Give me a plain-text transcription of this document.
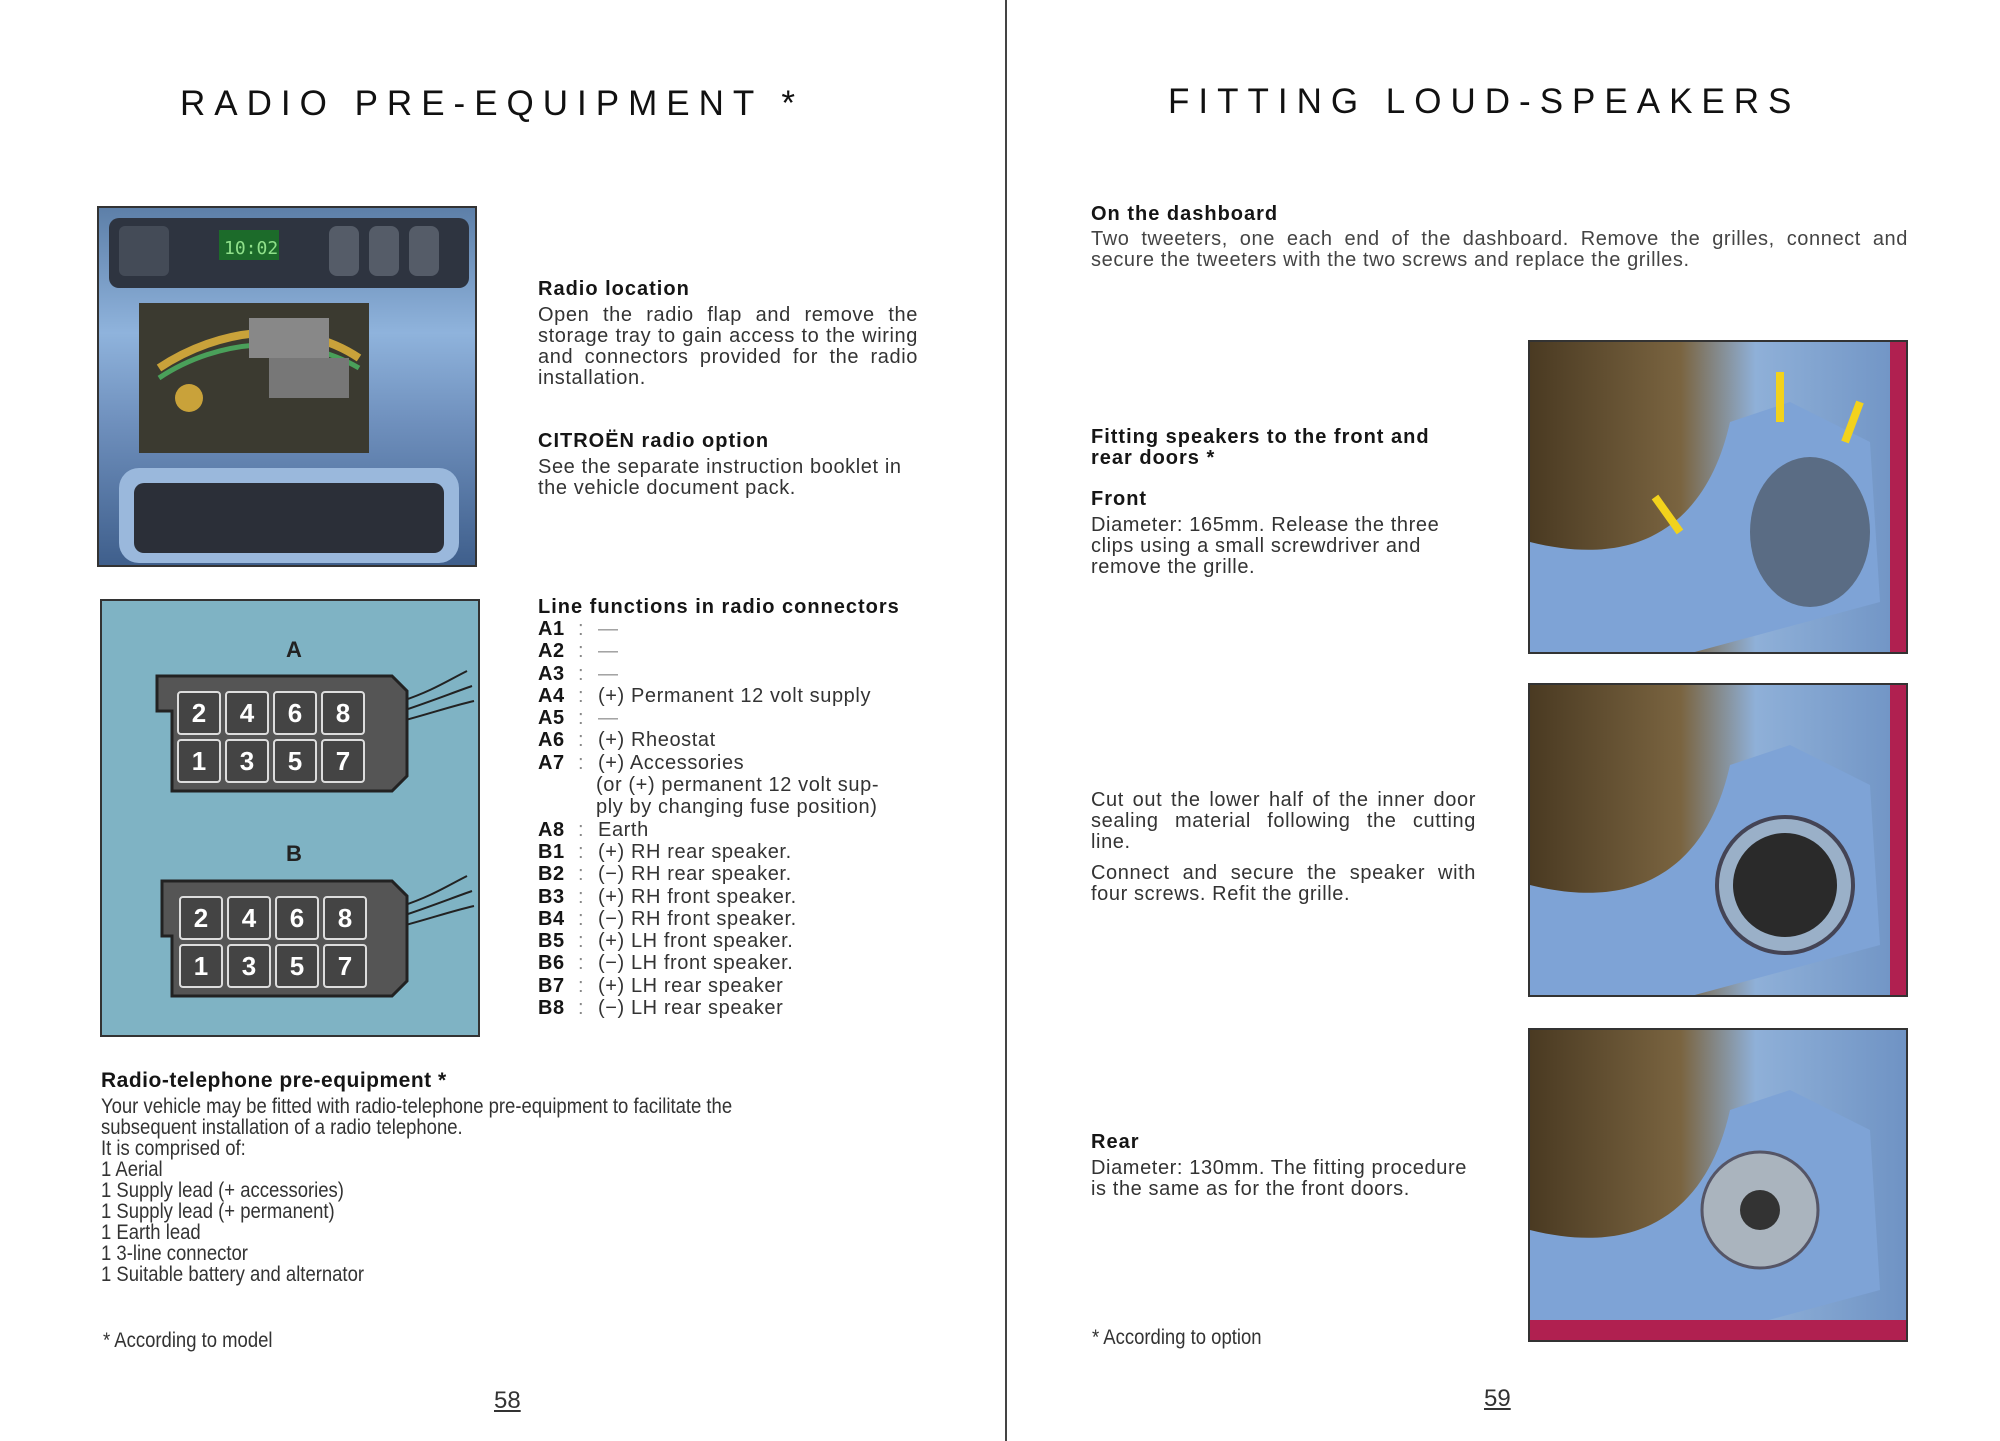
RADIO PRE-EQUIPMENT *
10:02
A
B
2	4	6	8
1	3	5	7
2	4	6	8
1	3	5	7
Radio location
Open the radio flap and remove the storage tray to gain access to the wiring and connectors provided for the radio installation.
CITROËN radio option
See the separate instruction booklet in the vehicle document pack.
Line functions in radio connectors
A1 : —
A2 : —
A3 : —
A4 : (+) Permanent 12 volt supply
A5 : —
A6 : (+) Rheostat
A7 : (+) Accessories
(or (+) permanent 12 volt sup-
ply by changing fuse position)
A8 : Earth
B1 : (+) RH rear speaker.
B2 : (−) RH rear speaker.
B3 : (+) RH front speaker.
B4 : (−) RH front speaker.
B5 : (+) LH front speaker.
B6 : (−) LH front speaker.
B7 : (+) LH rear speaker
B8 : (−) LH rear speaker
Radio-telephone pre-equipment *
Your vehicle may be fitted with radio-telephone pre-equipment to facilitate the
subsequent installation of a radio telephone.
It is comprised of:
1 Aerial
1 Supply lead (+ accessories)
1 Supply lead (+ permanent)
1 Earth lead
1 3-line connector
1 Suitable battery and alternator
* According to model
58
FITTING LOUD-SPEAKERS
On the dashboard
Two tweeters, one each end of the dashboard. Remove the grilles, connect and secure the tweeters with the two screws and replace the grilles.
Fitting speakers to the front and rear doors *
Front
Diameter: 165mm. Release the three clips using a small screwdriver and remove the grille.
Cut out the lower half of the inner door sealing material following the cutting line.
Connect and secure the speaker with four screws. Refit the grille.
Rear
Diameter: 130mm. The fitting procedure is the same as for the front doors.
* According to option
59
